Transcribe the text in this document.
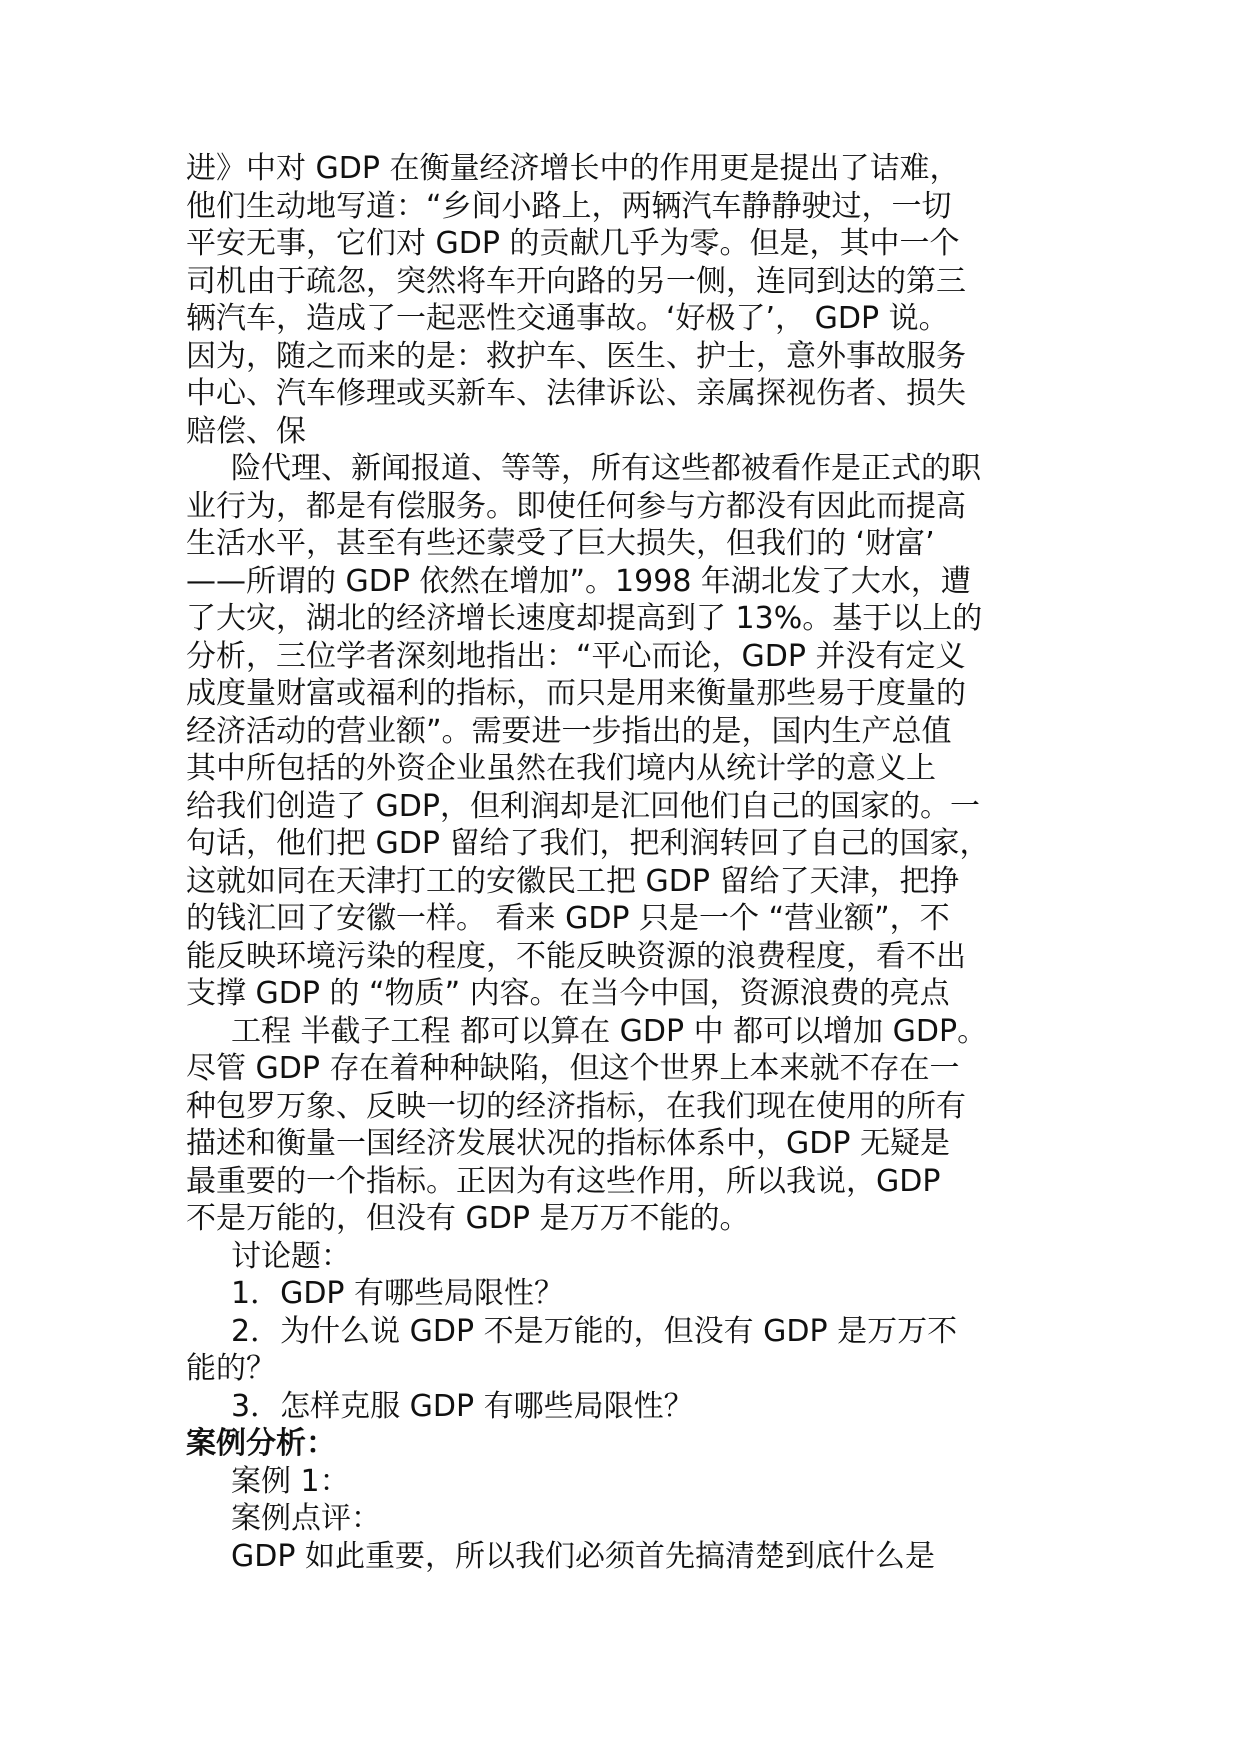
进》中对 GDP 在衡量经济增长中的作用更是提出了诘难，
他们生动地写道：“乡间小路上，两辆汽车静静驶过，一切
平安无事，它们对 GDP 的贡献几乎为零。但是，其中一个
司机由于疏忽，突然将车开向路的另一侧，连同到达的第三
辆汽车，造成了一起恶性交通事故。‘好极了’， GDP 说。
因为，随之而来的是：救护车、医生、护士，意外事故服务
中心、汽车修理或买新车、法律诉讼、亲属探视伤者、损失
赔偿、保
险代理、新闻报道、等等，所有这些都被看作是正式的职
业行为，都是有偿服务。即使任何参与方都没有因此而提高
生活水平，甚至有些还蒙受了巨大损失，但我们的 ‘财富’
——所谓的 GDP 依然在增加”。1998 年湖北发了大水，遭
了大灾，湖北的经济增长速度却提高到了 13%。基于以上的
分析，三位学者深刻地指出：“平心而论，GDP 并没有定义
成度量财富或福利的指标，而只是用来衡量那些易于度量的
经济活动的营业额”。需要进一步指出的是，国内生产总值
其中所包括的外资企业虽然在我们境内从统计学的意义上
给我们创造了 GDP，但利润却是汇回他们自己的国家的。一
句话，他们把 GDP 留给了我们，把利润转回了自己的国家，
这就如同在天津打工的安徽民工把 GDP 留给了天津，把挣
的钱汇回了安徽一样。 看来 GDP 只是一个 “营业额”，不
能反映环境污染的程度，不能反映资源的浪费程度，看不出
支撑 GDP 的 “物质” 内容。在当今中国，资源浪费的亮点
工程 半截子工程 都可以算在 GDP 中 都可以增加 GDP。
尽管 GDP 存在着种种缺陷，但这个世界上本来就不存在一
种包罗万象、反映一切的经济指标，在我们现在使用的所有
描述和衡量一国经济发展状况的指标体系中，GDP 无疑是
最重要的一个指标。正因为有这些作用，所以我说，GDP
不是万能的，但没有 GDP 是万万不能的。
讨论题：
1．GDP 有哪些局限性？
2．为什么说 GDP 不是万能的，但没有 GDP 是万万不
能的？
3．怎样克服 GDP 有哪些局限性？
案例分析：
案例 1：
案例点评：
GDP 如此重要，所以我们必须首先搞清楚到底什么是
